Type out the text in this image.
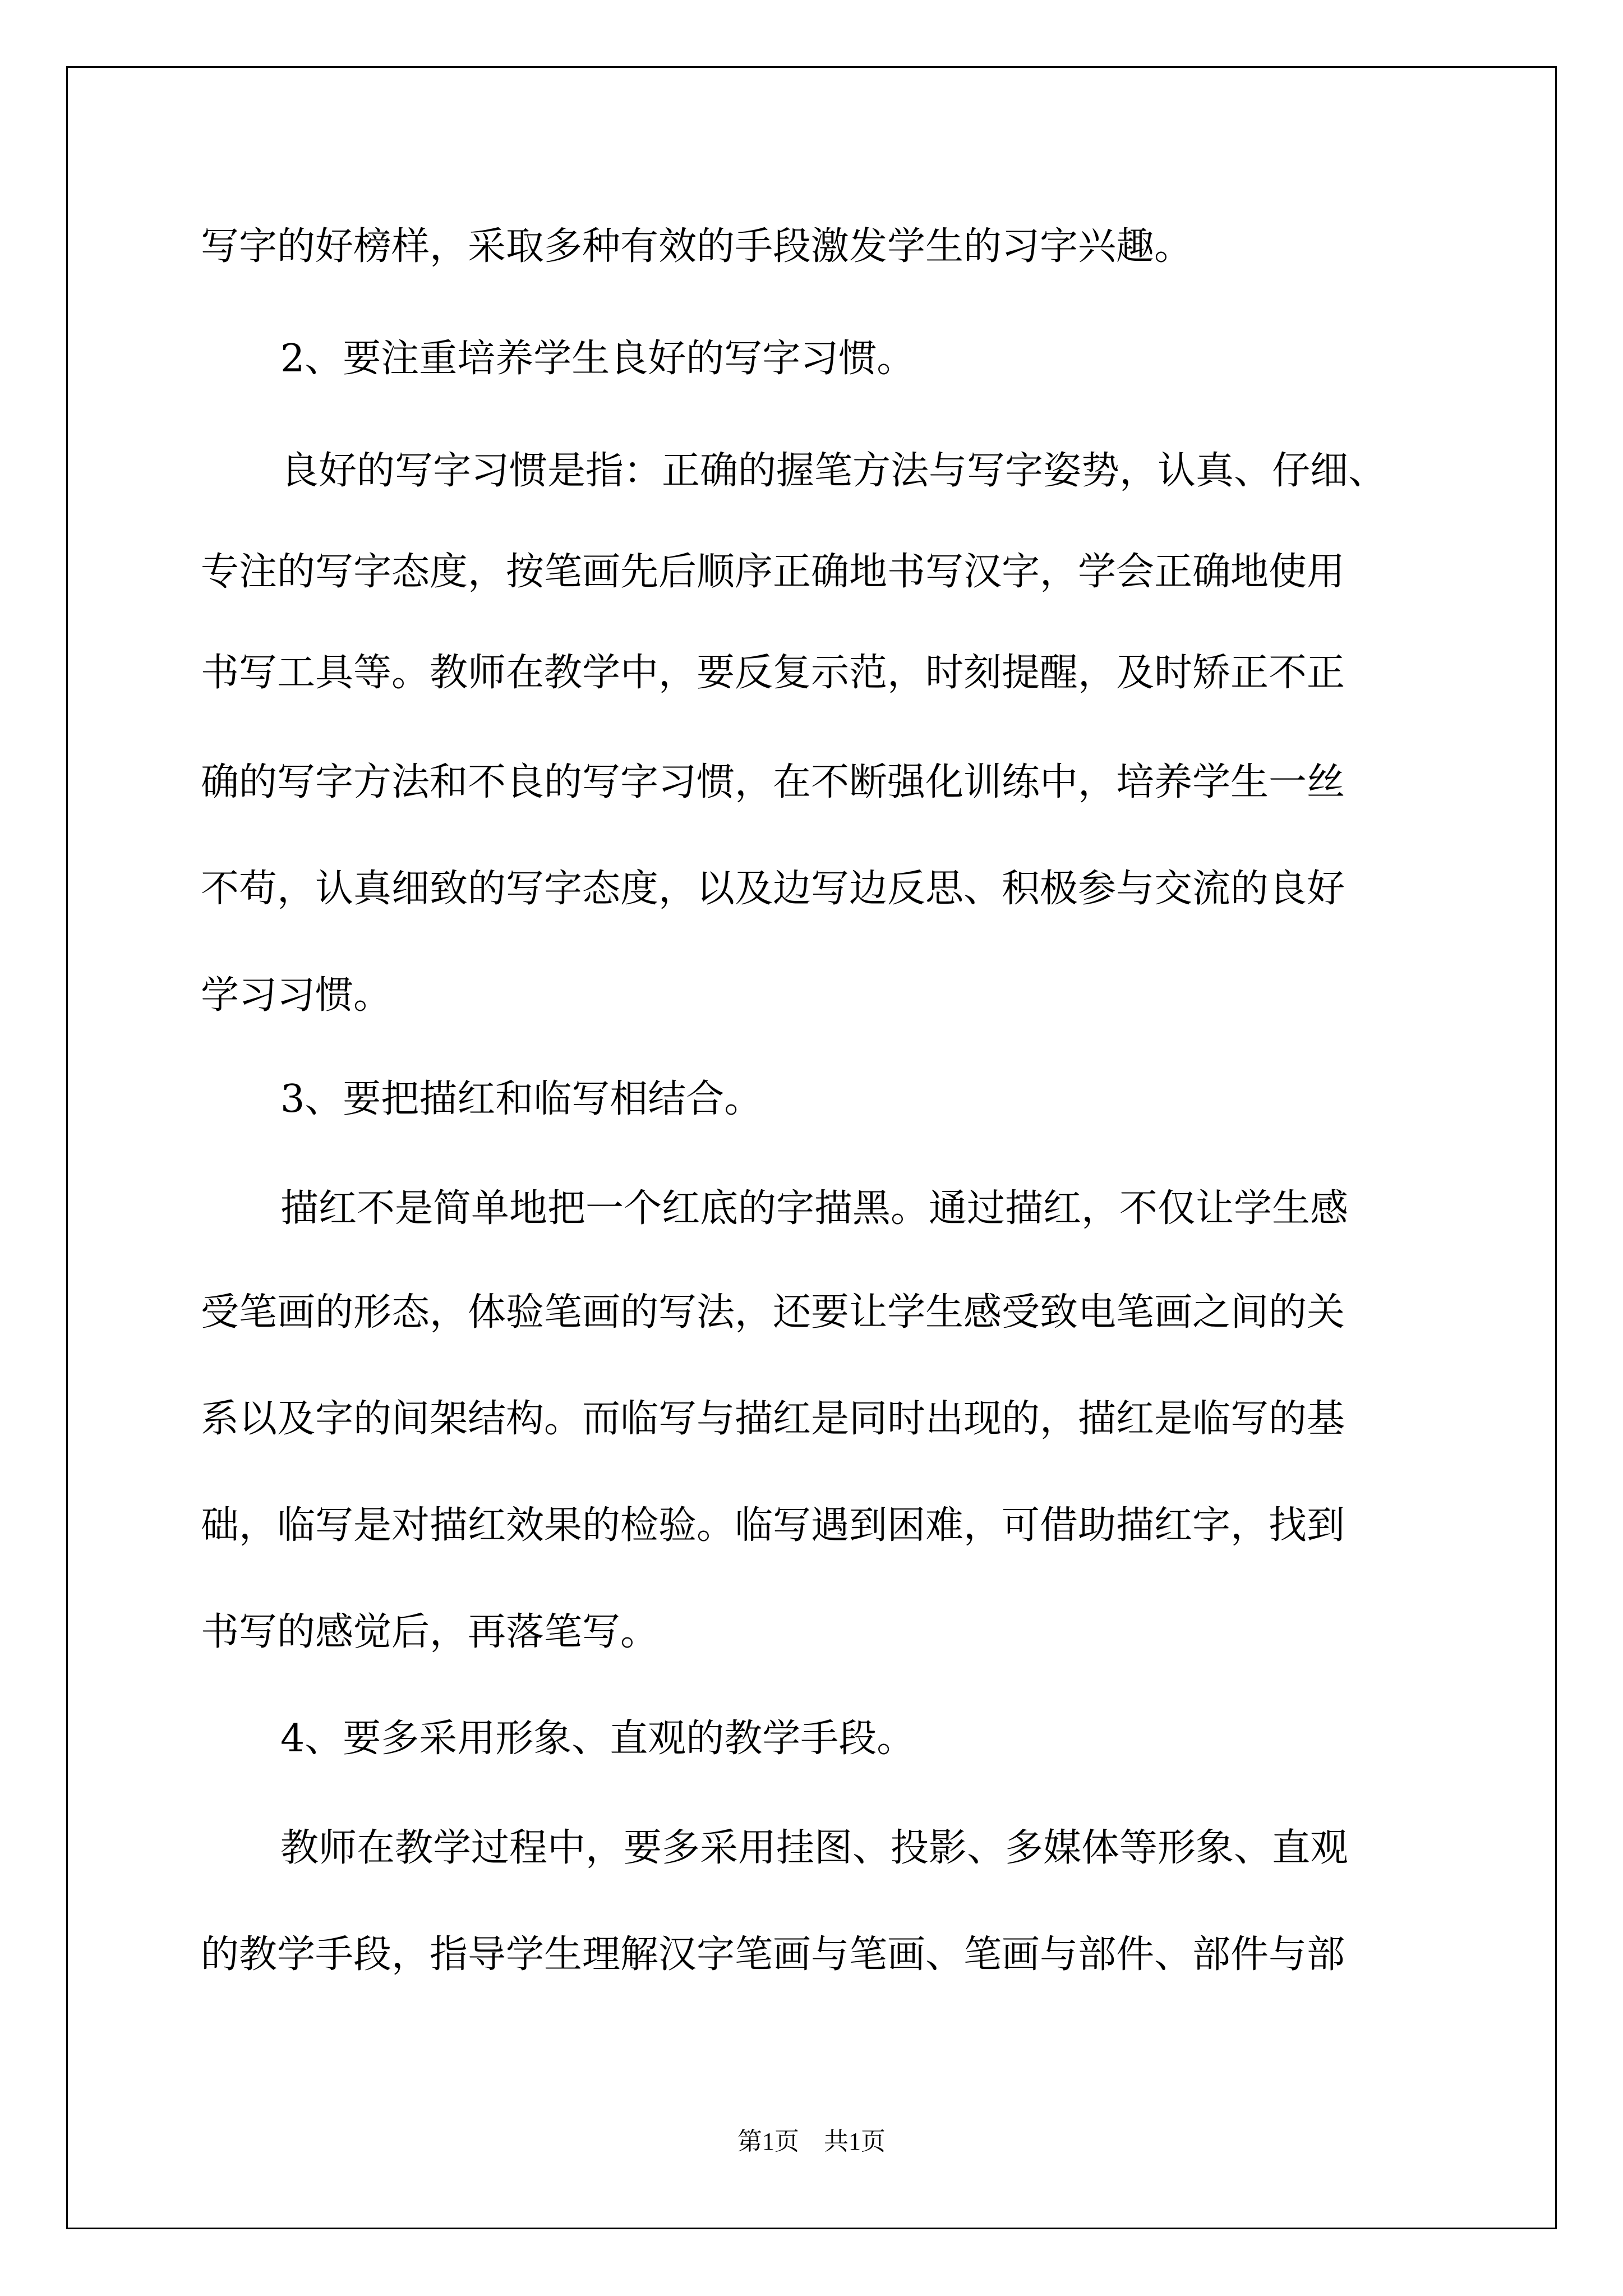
写字的好榜样，采取多种有效的手段激发学生的习字兴趣。
2、要注重培养学生良好的写字习惯。
良好的写字习惯是指：正确的握笔方法与写字姿势，认真、仔细、
专注的写字态度，按笔画先后顺序正确地书写汉字，学会正确地使用
书写工具等。教师在教学中，要反复示范，时刻提醒，及时矫正不正
确的写字方法和不良的写字习惯，在不断强化训练中，培养学生一丝
不苟，认真细致的写字态度，以及边写边反思、积极参与交流的良好
学习习惯。
3、要把描红和临写相结合。
描红不是简单地把一个红底的字描黑。通过描红，不仅让学生感
受笔画的形态，体验笔画的写法，还要让学生感受致电笔画之间的关
系以及字的间架结构。而临写与描红是同时出现的，描红是临写的基
础，临写是对描红效果的检验。临写遇到困难，可借助描红字，找到
书写的感觉后，再落笔写。
4、要多采用形象、直观的教学手段。
教师在教学过程中，要多采用挂图、投影、多媒体等形象、直观
的教学手段，指导学生理解汉字笔画与笔画、笔画与部件、部件与部
第1页　共1页
